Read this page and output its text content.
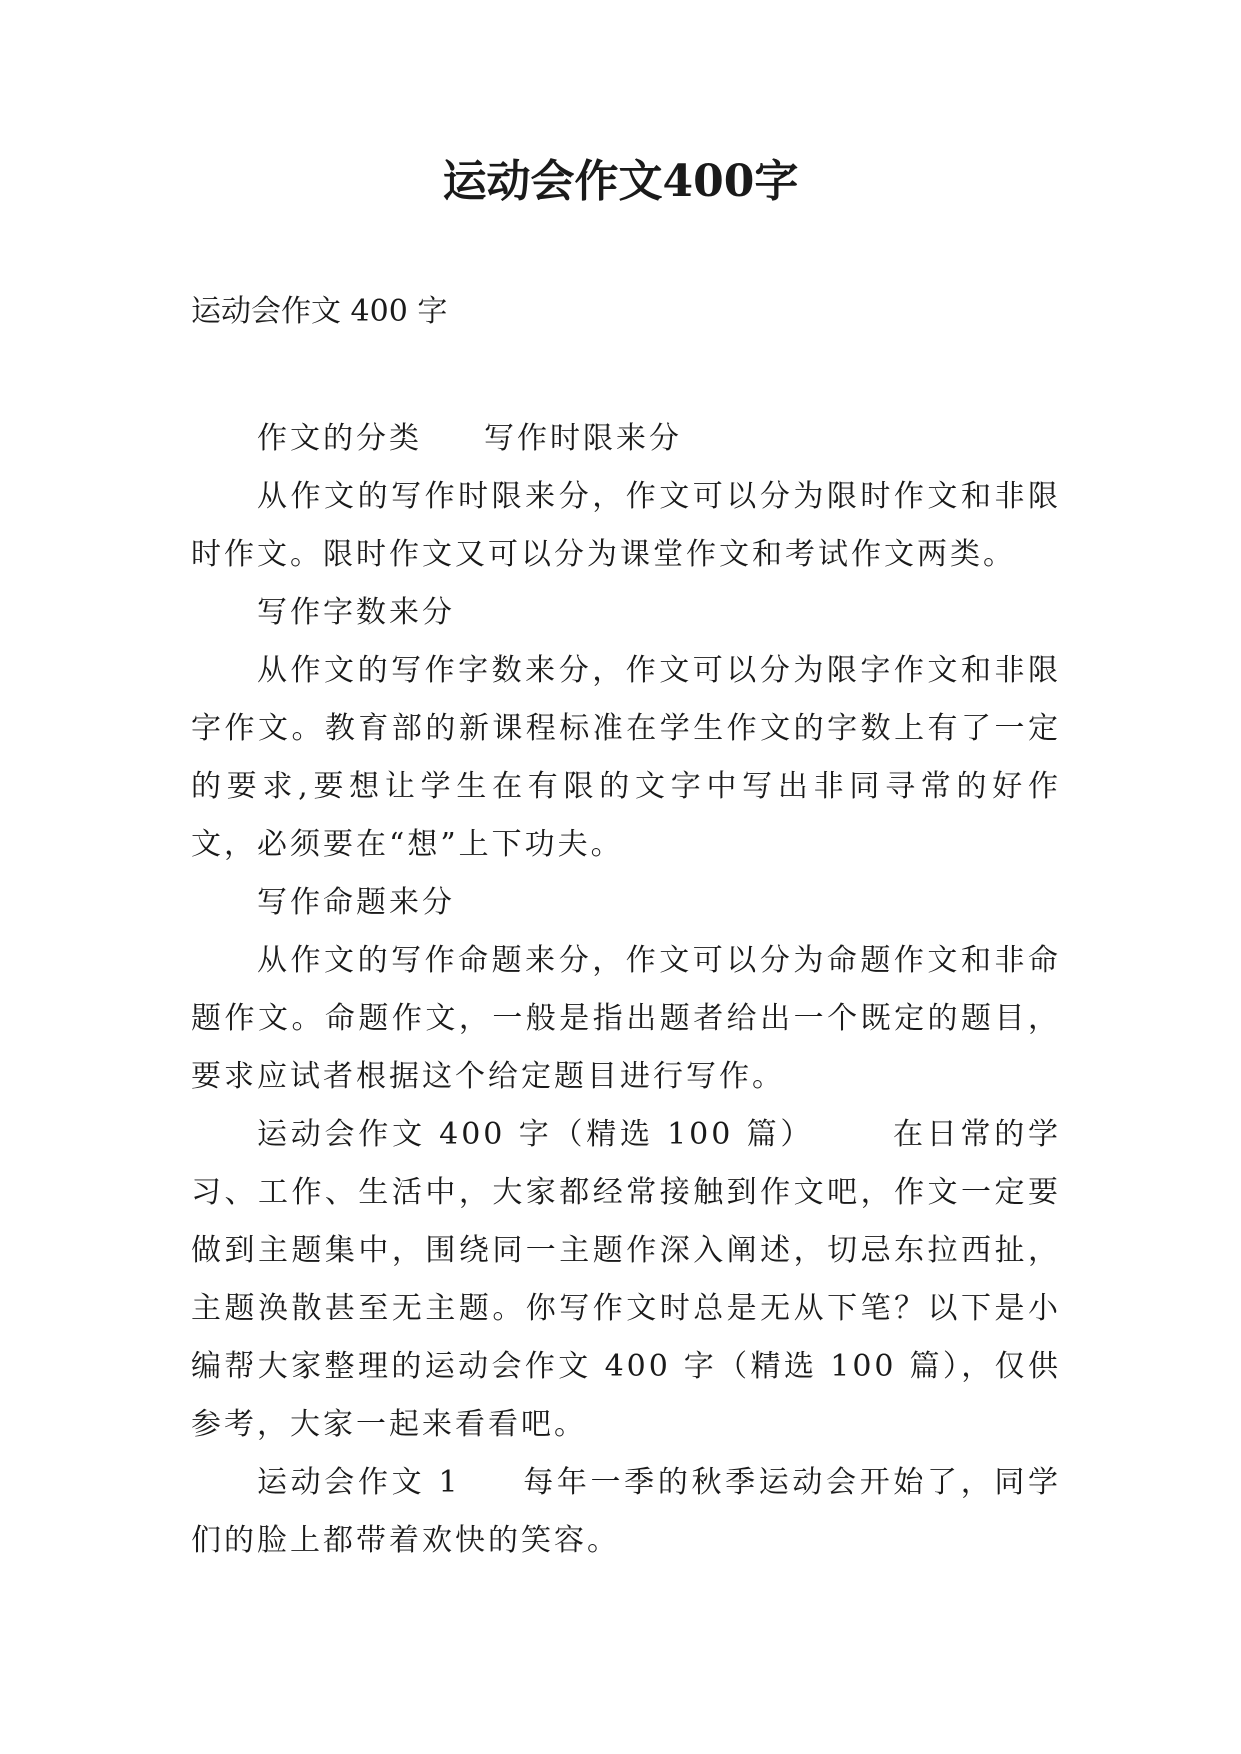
运动会作文400字

运动会作文 400 字

作文的分类 写作时限来分

从作文的写作时限来分，作文可以分为限时作文和非限时作文。限时作文又可以分为课堂作文和考试作文两类。

写作字数来分

从作文的写作字数来分，作文可以分为限字作文和非限字作文。教育部的新课程标准在学生作文的字数上有了一定的要求,要想让学生在有限的文字中写出非同寻常的好作文，必须要在“想”上下功夫。

写作命题来分

从作文的写作命题来分，作文可以分为命题作文和非命题作文。命题作文，一般是指出题者给出一个既定的题目，要求应试者根据这个给定题目进行写作。

运动会作文 400 字（精选 100 篇）	在日常的学习、工作、生活中，大家都经常接触到作文吧，作文一定要做到主题集中，围绕同一主题作深入阐述，切忌东拉西扯，主题涣散甚至无主题。你写作文时总是无从下笔？以下是小编帮大家整理的运动会作文 400 字（精选 100 篇），仅供参考，大家一起来看看吧。

运动会作文 1 每年一季的秋季运动会开始了，同学们的脸上都带着欢快的笑容。
